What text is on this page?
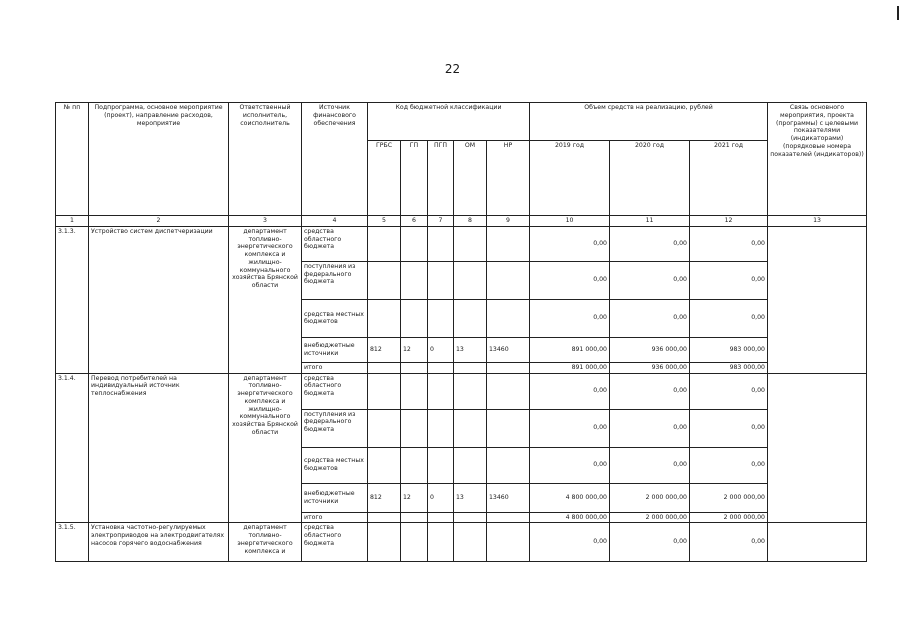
22
№ пп	Подпрограмма, основное мероприятие (проект), направление расходов, мероприятие	Ответственный исполнитель, соисполнитель	Источник финансового обеспечения	Код бюджетной классификации					Объем средств на реализацию, рублей			Связь основного мероприятия, проекта (программы) с целевыми показателями (индикаторами) (порядковые номера показателей (индикаторов))
				ГРБС	ГП	ПГП	ОМ	НР	2019 год	2020 год	2021 год	
1	2	3	4	5	6	7	8	9	10	11	12	13
3.1.3.	Устройство систем диспетчеризации	департамент топливно-энергетического комплекса и жилищно-коммунального хозяйства Брянской области	средства областного бюджета						0,00	0,00	0,00	
			поступления из федерального бюджета						0,00	0,00	0,00	
			средства местных бюджетов						0,00	0,00	0,00	
			внебюджетные источники	812	12	0	13	13460	891 000,00	936 000,00	983 000,00	
			итого						891 000,00	936 000,00	983 000,00	
3.1.4.	Перевод потребителей на индивидуальный источник теплоснабжения	департамент топливно-энергетического комплекса и жилищно-коммунального хозяйства Брянской области	средства областного бюджета						0,00	0,00	0,00	
			поступления из федерального бюджета						0,00	0,00	0,00	
			средства местных бюджетов						0,00	0,00	0,00	
			внебюджетные источники	812	12	0	13	13460	4 800 000,00	2 000 000,00	2 000 000,00	
			итого						4 800 000,00	2 000 000,00	2 000 000,00	
3.1.5.	Установка частотно-регулируемых электроприводов на электродвигателях насосов горячего водоснабжения	департамент топливно-энергетического комплекса и	средства областного бюджета						0,00	0,00	0,00	
